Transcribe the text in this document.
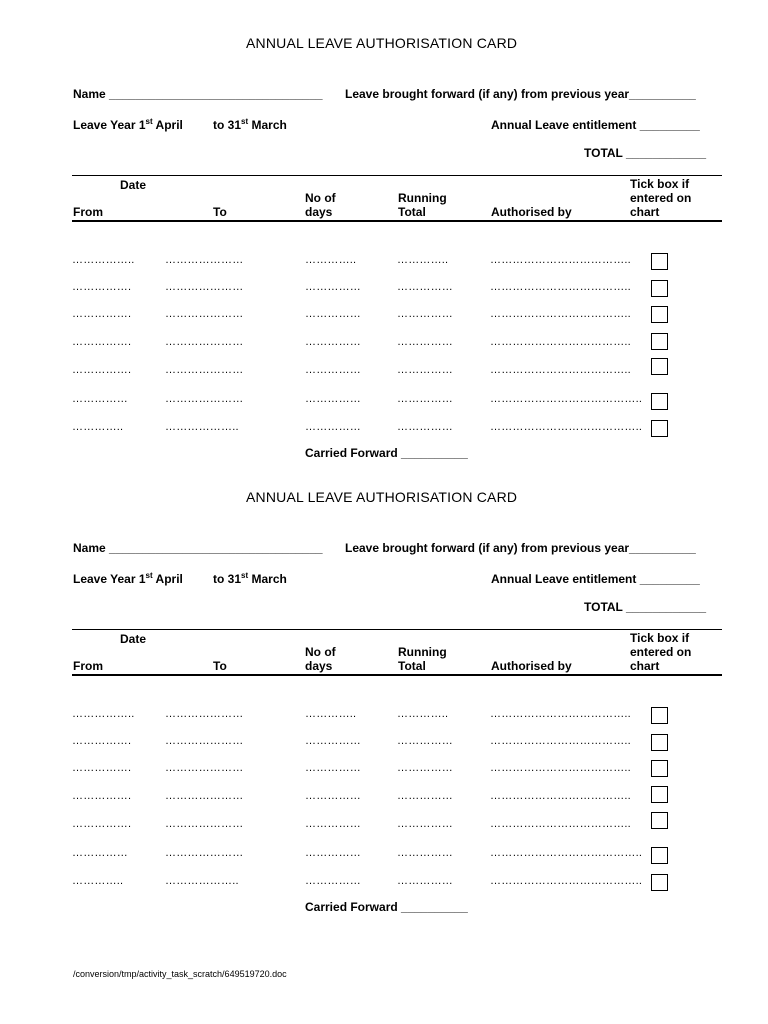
ANNUAL LEAVE AUTHORISATION CARD
Name ________________________________ Leave brought forward (if any) from previous year__________
Leave Year 1st April	to 31st March	Annual Leave entitlement _________
TOTAL ____________
Date
From	To
No of
days
Running
Total	Authorised by
Tick box if
entered on
chart
……………..	…………………	…………..	…………..	………………………………..
…………….	…………………	……………	……………	………………………………..
…………….	…………………	……………	……………	………………………………..
…………….	…………………	……………	……………	………………………………..
…………….	…………………	……………	……………	………………………………..
……………	…………………	……………	……………	…………………………………..
…………..	………………..	……………	……………	…………………………………..
Carried Forward __________
ANNUAL LEAVE AUTHORISATION CARD
Name ________________________________ Leave brought forward (if any) from previous year__________
Leave Year 1st April	to 31st March	Annual Leave entitlement _________
TOTAL ____________
Date
From	To
No of
days
Running
Total	Authorised by
Tick box if
entered on
chart
……………..	…………………	…………..	…………..	………………………………..
…………….	…………………	……………	……………	………………………………..
…………….	…………………	……………	……………	………………………………..
…………….	…………………	……………	……………	………………………………..
…………….	…………………	……………	……………	………………………………..
……………	…………………	……………	……………	…………………………………..
…………..	………………..	……………	……………	…………………………………..
Carried Forward __________
/conversion/tmp/activity_task_scratch/649519720.doc
